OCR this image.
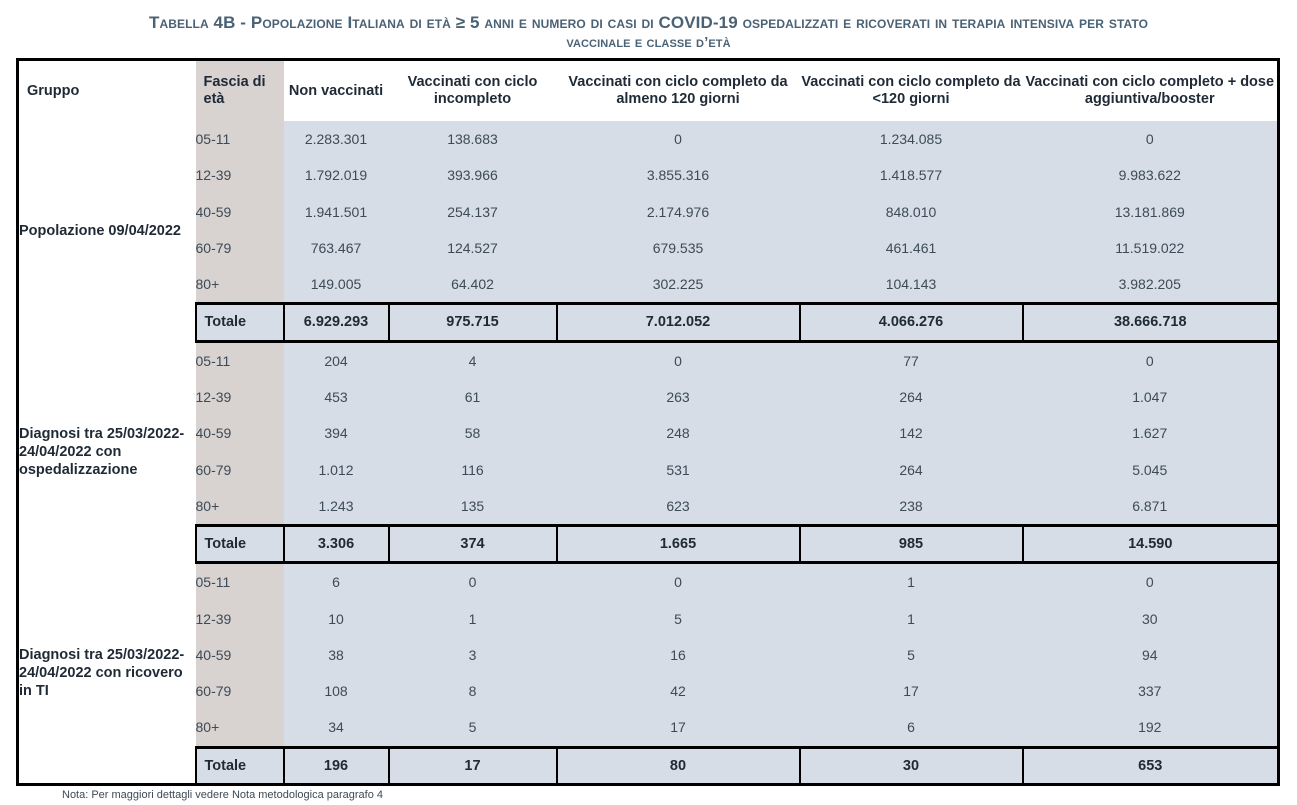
Tabella 4B - Popolazione Italiana di età ≥ 5 anni e numero di casi di COVID-19 ospedalizzati e ricoverati in terapia intensiva per stato
vaccinale e classe d’età
Gruppo	Fascia di età	Non vaccinati	Vaccinati con ciclo incompleto	Vaccinati con ciclo completo da almeno 120 giorni	Vaccinati con ciclo completo da <120 giorni	Vaccinati con ciclo completo + dose aggiuntiva/booster
Popolazione 09/04/2022	05-11	2.283.301	138.683	0	1.234.085	0
	12-39	1.792.019	393.966	3.855.316	1.418.577	9.983.622
	40-59	1.941.501	254.137	2.174.976	848.010	13.181.869
	60-79	763.467	124.527	679.535	461.461	11.519.022
	80+	149.005	64.402	302.225	104.143	3.982.205
	Totale	6.929.293	975.715	7.012.052	4.066.276	38.666.718
Diagnosi tra 25/03/2022- 24/04/2022 con ospedalizzazione	05-11	204	4	0	77	0
	12-39	453	61	263	264	1.047
	40-59	394	58	248	142	1.627
	60-79	1.012	116	531	264	5.045
	80+	1.243	135	623	238	6.871
	Totale	3.306	374	1.665	985	14.590
Diagnosi tra 25/03/2022- 24/04/2022 con ricovero in TI	05-11	6	0	0	1	0
	12-39	10	1	5	1	30
	40-59	38	3	16	5	94
	60-79	108	8	42	17	337
	80+	34	5	17	6	192
	Totale	196	17	80	30	653
Nota: Per maggiori dettagli vedere Nota metodologica paragrafo 4
